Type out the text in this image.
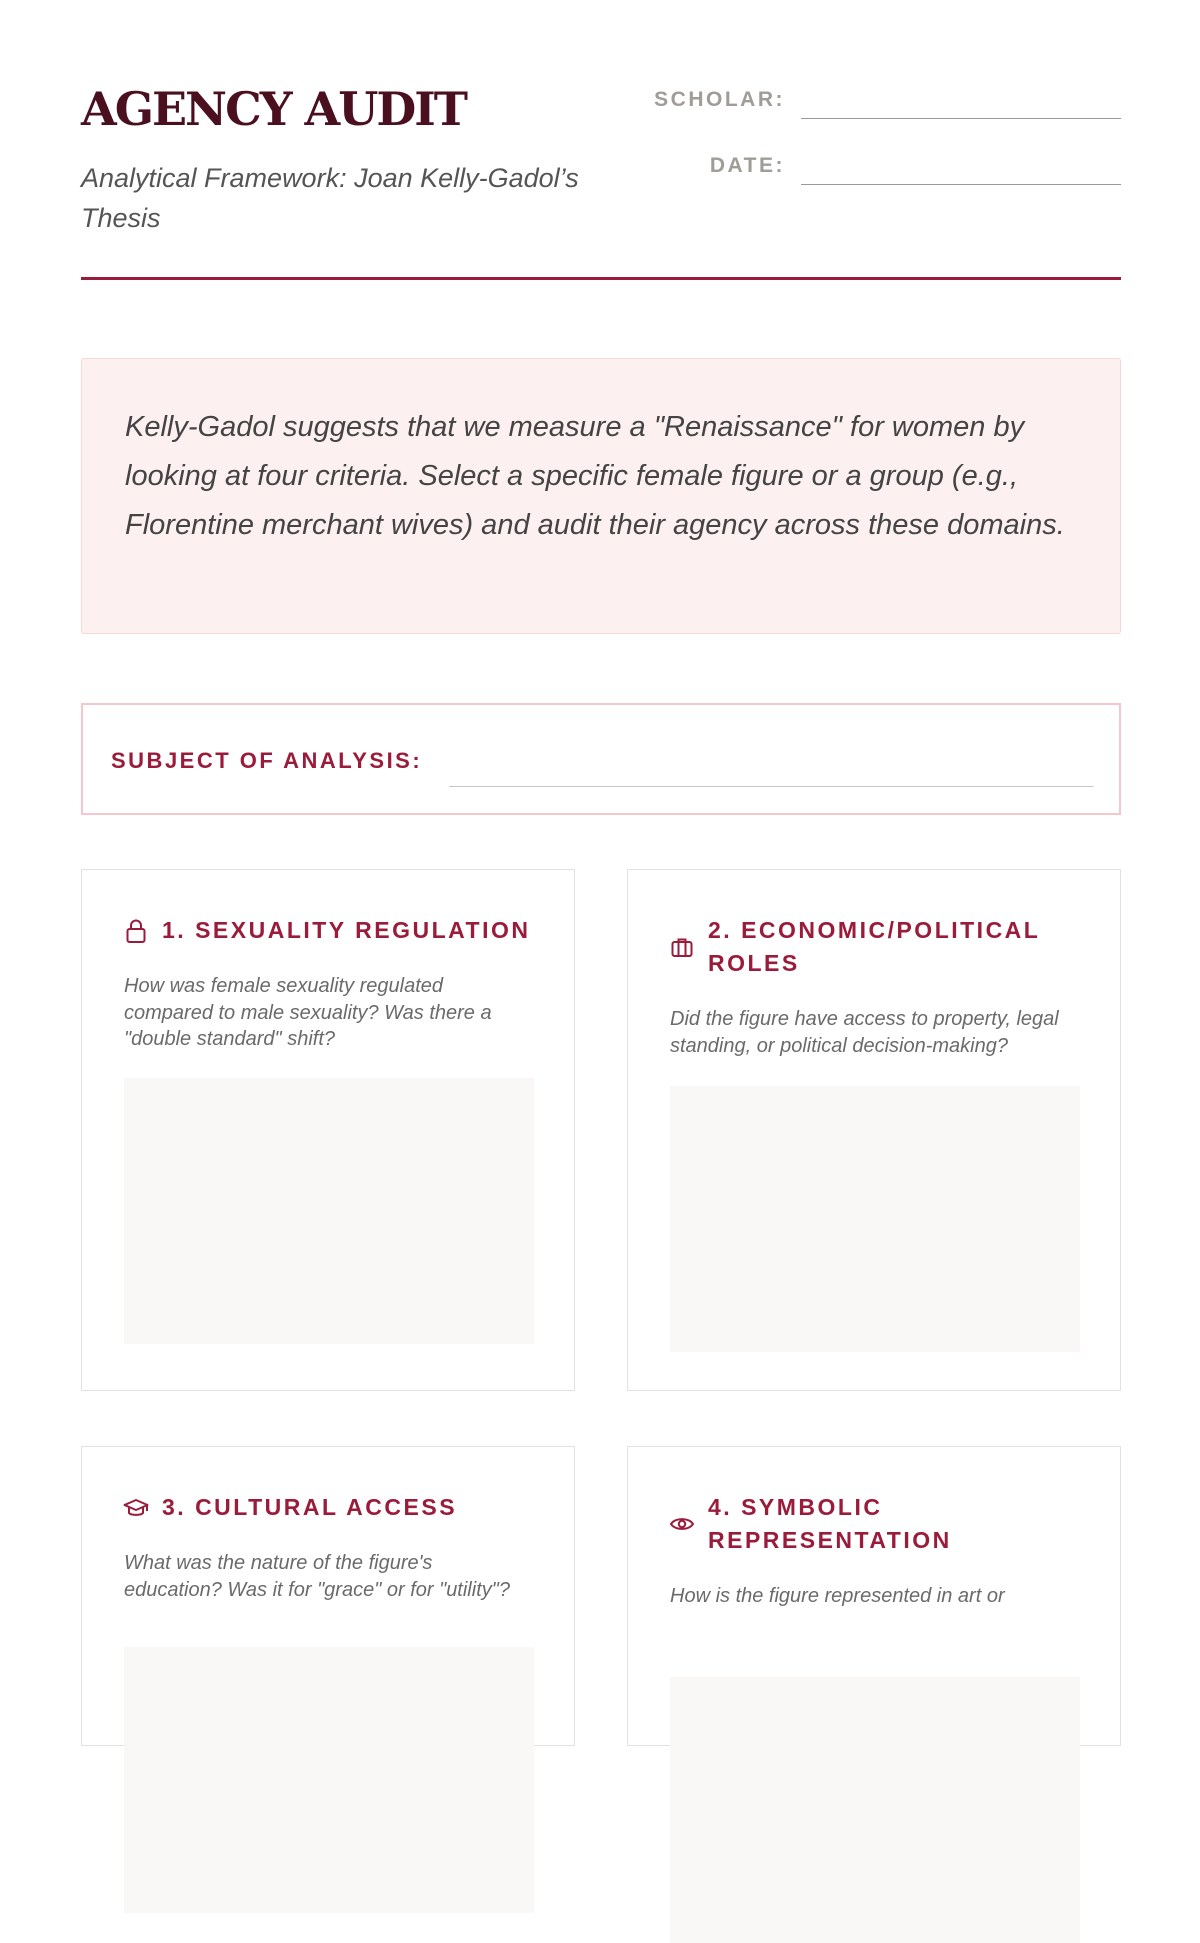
AGENCY AUDIT

Analytical Framework: Joan Kelly-Gadol’s Thesis

SCHOLAR:
DATE:

Kelly-Gadol suggests that we measure a "Renaissance" for women by looking at four criteria. Select a specific female figure or a group (e.g., Florentine merchant wives) and audit their agency across these domains.

SUBJECT OF ANALYSIS:
1. SEXUALITY REGULATION

How was female sexuality regulated compared to male sexuality? Was there a "double standard" shift?

2. ECONOMIC/POLITICAL ROLES

Did the figure have access to property, legal standing, or political decision-making?

3. CULTURAL ACCESS

What was the nature of the figure's education? Was it for "grace" or for "utility"?

4. SYMBOLIC REPRESENTATION

How is the figure represented in art or
